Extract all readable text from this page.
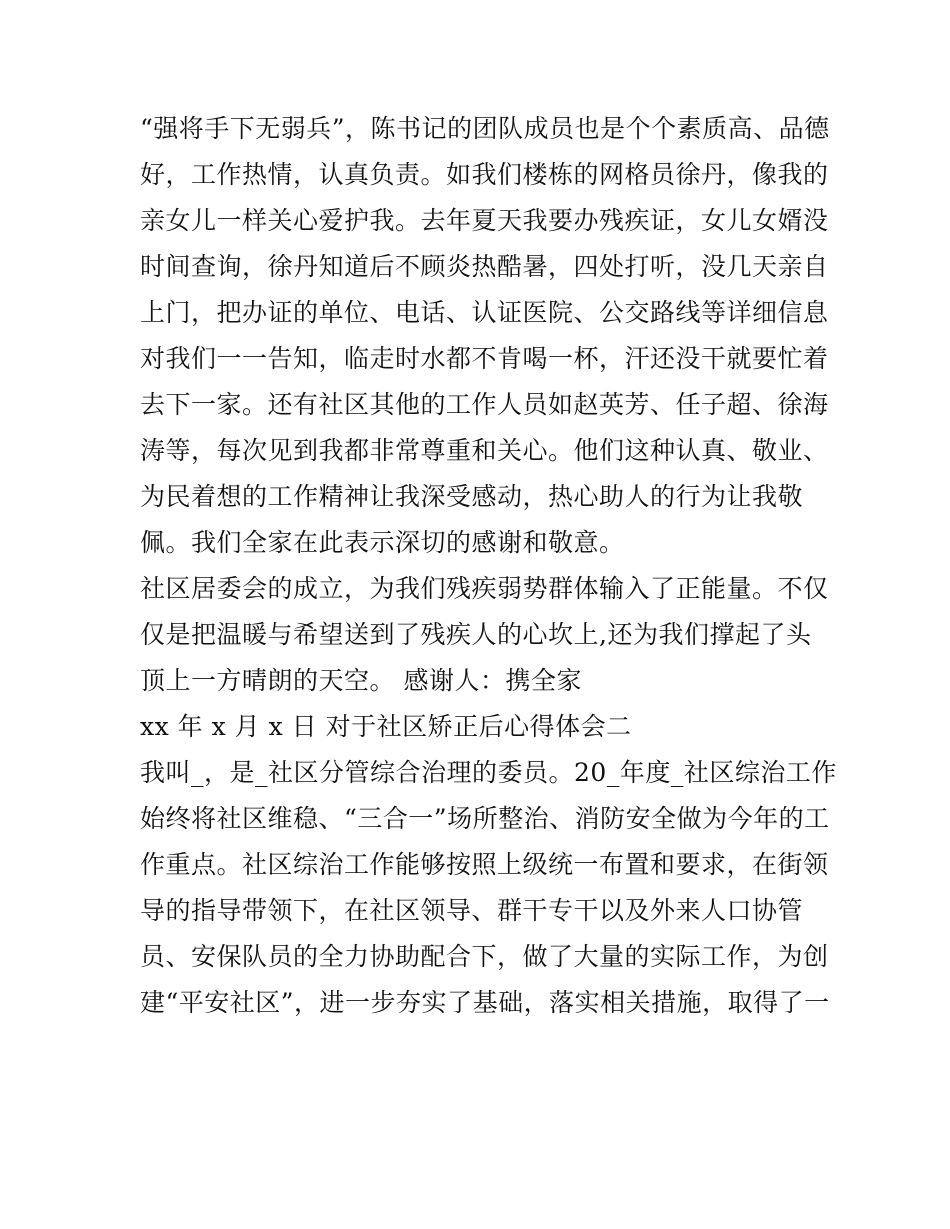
“强将手下无弱兵”，陈书记的团队成员也是个个素质高、品德
好，工作热情，认真负责。如我们楼栋的网格员徐丹，像我的
亲女儿一样关心爱护我。去年夏天我要办残疾证，女儿女婿没
时间查询，徐丹知道后不顾炎热酷暑，四处打听，没几天亲自
上门，把办证的单位、电话、认证医院、公交路线等详细信息
对我们一一告知，临走时水都不肯喝一杯，汗还没干就要忙着
去下一家。还有社区其他的工作人员如赵英芳、任子超、徐海
涛等，每次见到我都非常尊重和关心。他们这种认真、敬业、
为民着想的工作精神让我深受感动，热心助人的行为让我敬
佩。我们全家在此表示深切的感谢和敬意。
社区居委会的成立，为我们残疾弱势群体输入了正能量。不仅
仅是把温暖与希望送到了残疾人的心坎上,还为我们撑起了头
顶上一方晴朗的天空。 感谢人：携全家
xx 年 x 月 x 日 对于社区矫正后心得体会二
我叫_，是_社区分管综合治理的委员。20_年度_社区综治工作
始终将社区维稳、“三合一”场所整治、消防安全做为今年的工
作重点。社区综治工作能够按照上级统一布置和要求，在街领
导的指导带领下，在社区领导、群干专干以及外来人口协管
员、安保队员的全力协助配合下，做了大量的实际工作，为创
建“平安社区”，进一步夯实了基础，落实相关措施，取得了一
